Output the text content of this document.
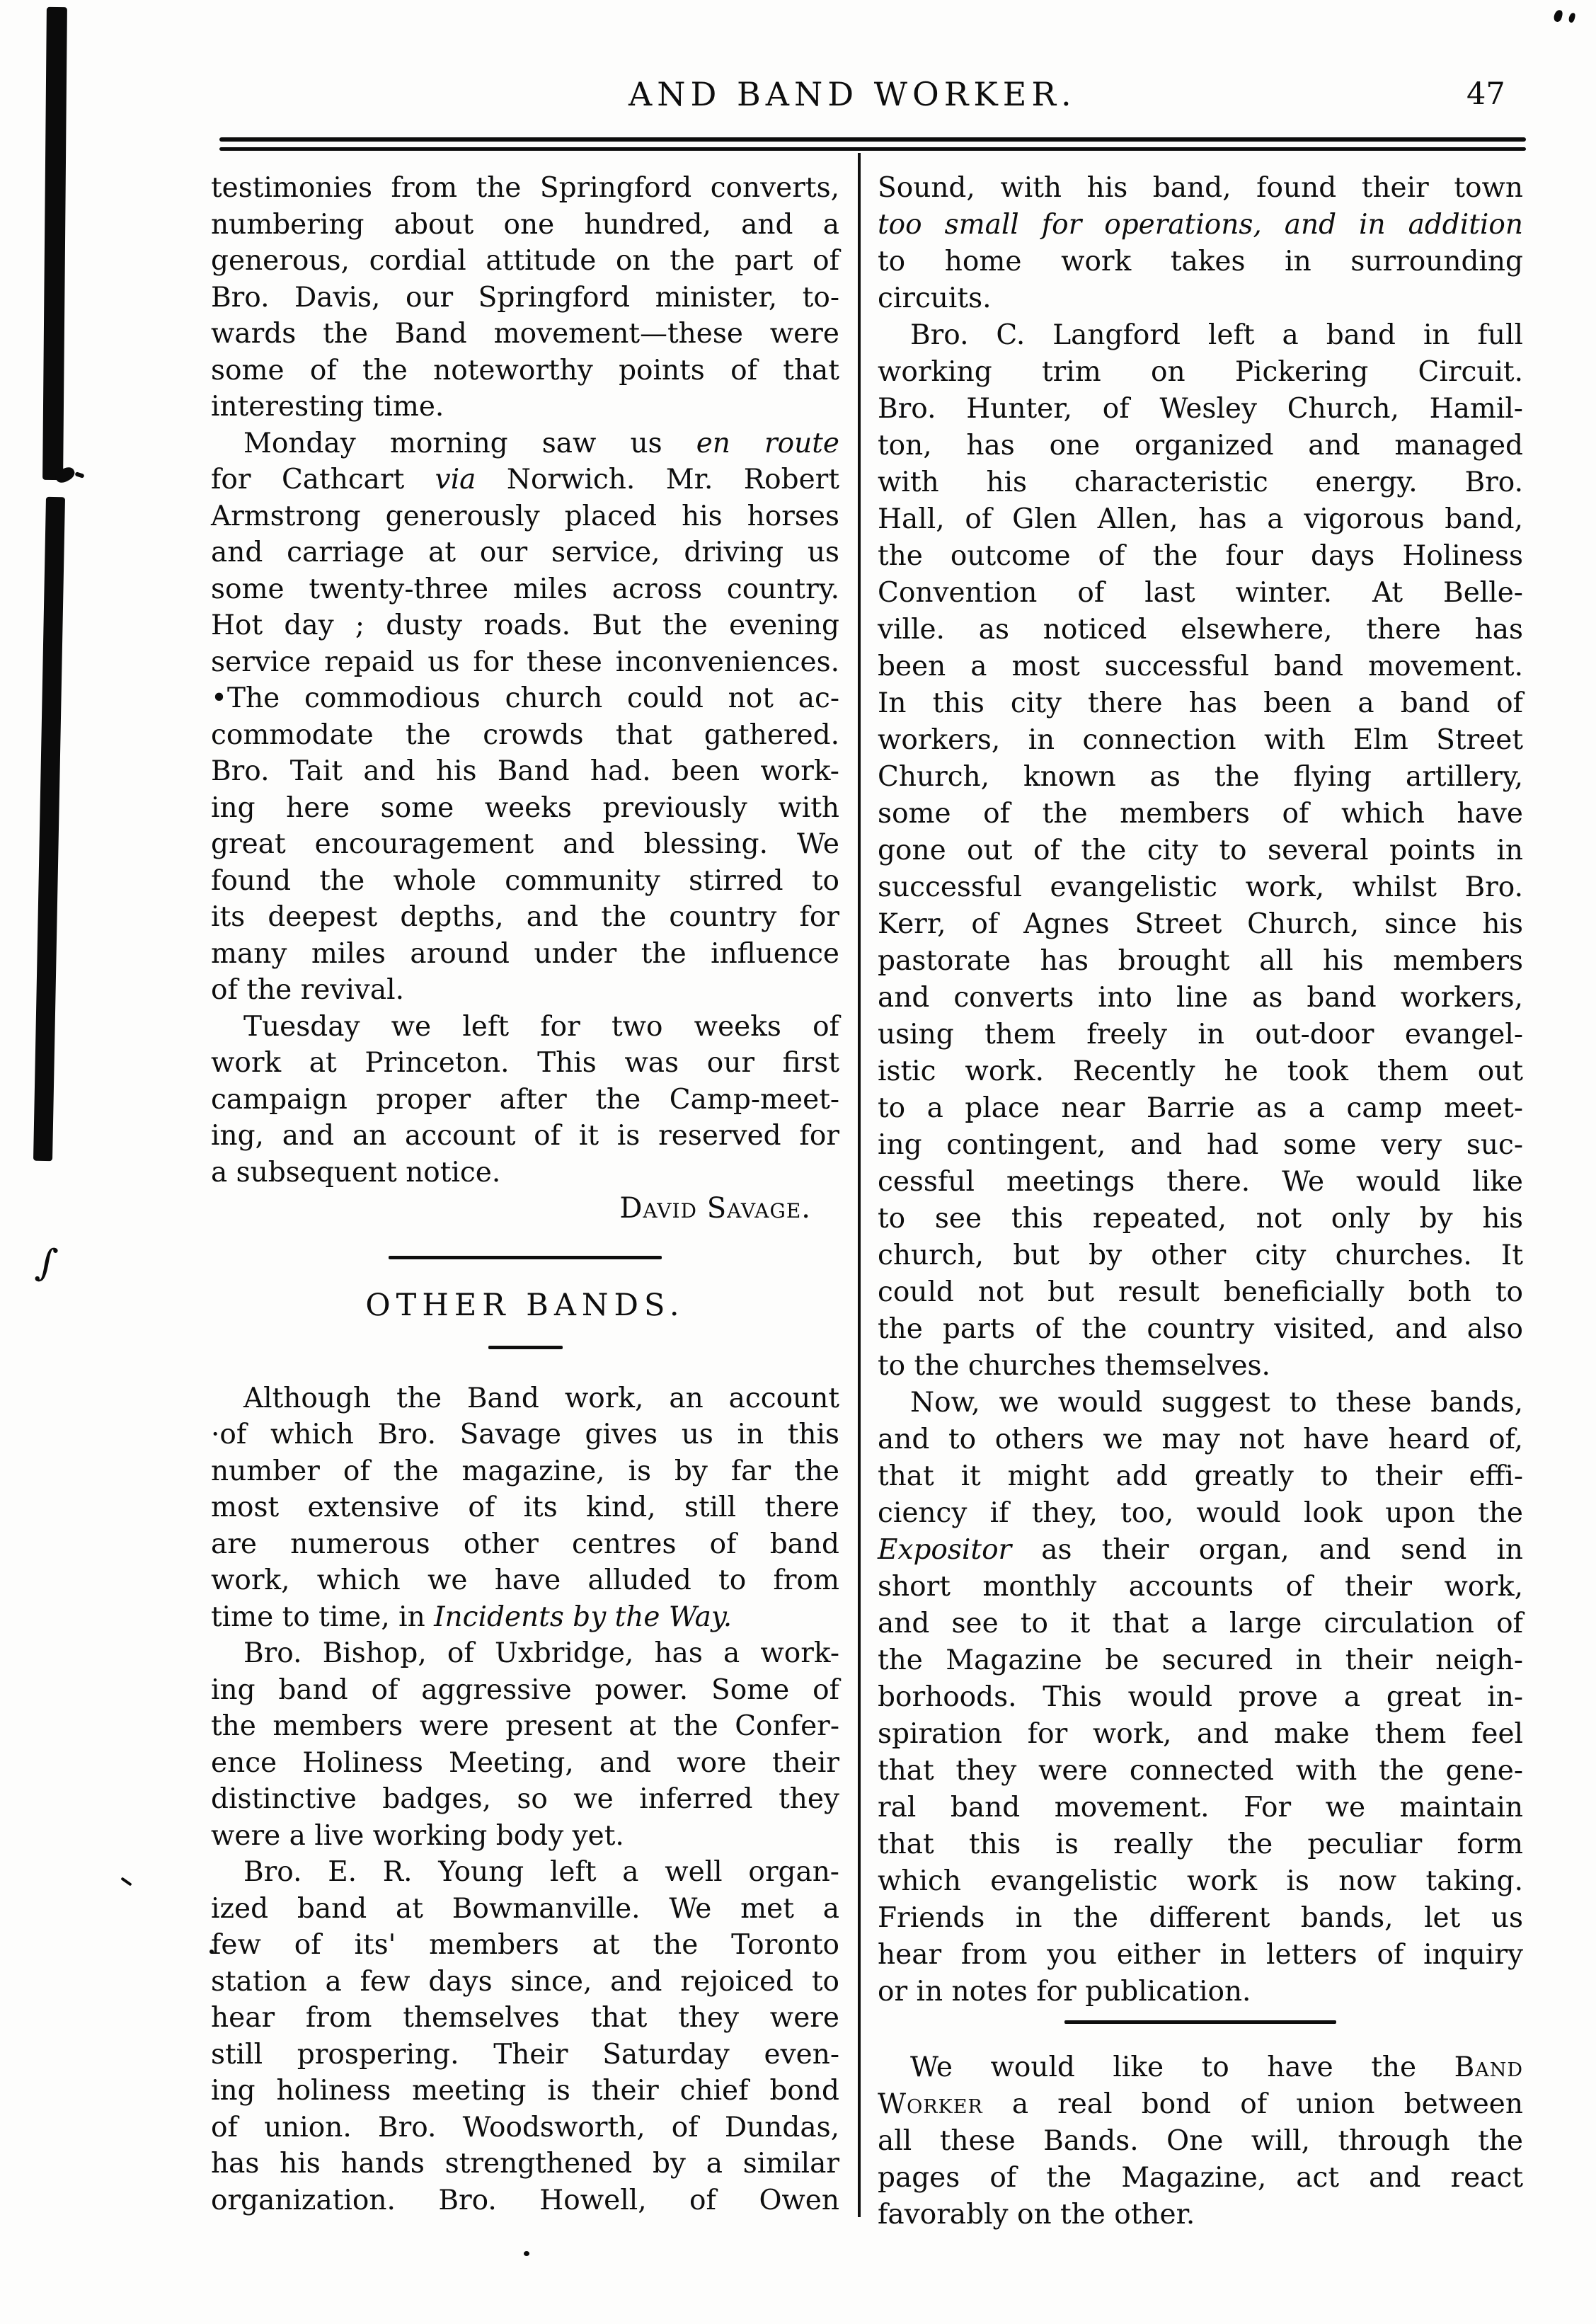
∫
AND BAND WORKER.	47
testimonies from the Springford converts,
numbering about one hundred, and a
generous, cordial attitude on the part of
Bro. Davis, our Springford minister, to-
wards the Band movement—these were
some of the noteworthy points of that
interesting time.
Monday morning saw us en route
for Cathcart via Norwich. Mr. Robert
Armstrong generously placed his horses
and carriage at our service, driving us
some twenty-three miles across country.
Hot day ; dusty roads. But the evening
service repaid us for these inconveniences.
•The commodious church could not ac-
commodate the crowds that gathered.
Bro. Tait and his Band had. been work-
ing here some weeks previously with
great encouragement and blessing. We
found the whole community stirred to
its deepest depths, and the country for
many miles around under the influence
of the revival.
Tuesday we left for two weeks of
work at Princeton. This was our first
campaign proper after the Camp-meet-
ing, and an account of it is reserved for
a subsequent notice.
David Savage.
OTHER BANDS.
Although the Band work, an account
·of which Bro. Savage gives us in this
number of the magazine, is by far the
most extensive of its kind, still there
are numerous other centres of band
work, which we have alluded to from
time to time, in Incidents by the Way.
Bro. Bishop, of Uxbridge, has a work-
ing band of aggressive power. Some of
the members were present at the Confer-
ence Holiness Meeting, and wore their
distinctive badges, so we inferred they
were a live working body yet.
Bro. E. R. Young left a well organ-
ized band at Bowmanville. We met a
few of its' members at the Toronto
station a few days since, and rejoiced to
hear from themselves that they were
still prospering. Their Saturday even-
ing holiness meeting is their chief bond
of union. Bro. Woodsworth, of Dundas,
has his hands strengthened by a similar
organization. Bro. Howell, of Owen
Sound, with his band, found their town
too small for operations, and in addition
to home work takes in surrounding
circuits.
Bro. C. Langford left a band in full
working trim on Pickering Circuit.
Bro. Hunter, of Wesley Church, Hamil-
ton, has one organized and managed
with his characteristic energy. Bro.
Hall, of Glen Allen, has a vigorous band,
the outcome of the four days Holiness
Convention of last winter. At Belle-
ville. as noticed elsewhere, there has
been a most successful band movement.
In this city there has been a band of
workers, in connection with Elm Street
Church, known as the flying artillery,
some of the members of which have
gone out of the city to several points in
successful evangelistic work, whilst Bro.
Kerr, of Agnes Street Church, since his
pastorate has brought all his members
and converts into line as band workers,
using them freely in out-door evangel-
istic work. Recently he took them out
to a place near Barrie as a camp meet-
ing contingent, and had some very suc-
cessful meetings there. We would like
to see this repeated, not only by his
church, but by other city churches. It
could not but result beneficially both to
the parts of the country visited, and also
to the churches themselves.
Now, we would suggest to these bands,
and to others we may not have heard of,
that it might add greatly to their effi-
ciency if they, too, would look upon the
Expositor as their organ, and send in
short monthly accounts of their work,
and see to it that a large circulation of
the Magazine be secured in their neigh-
borhoods. This would prove a great in-
spiration for work, and make them feel
that they were connected with the gene-
ral band movement. For we maintain
that this is really the peculiar form
which evangelistic work is now taking.
Friends in the different bands, let us
hear from you either in letters of inquiry
or in notes for publication.
We would like to have the Band
Worker a real bond of union between
all these Bands. One will, through the
pages of the Magazine, act and react
favorably on the other.
